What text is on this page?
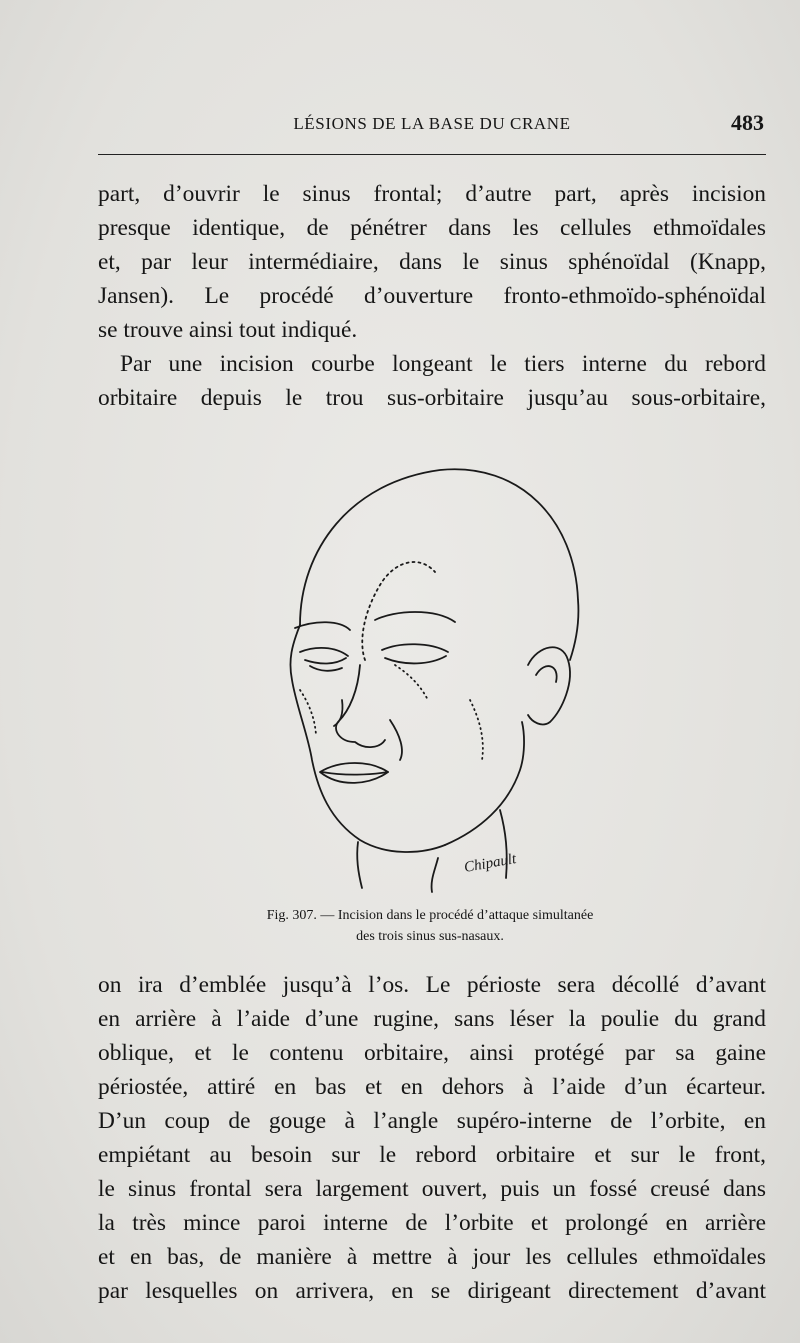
LÉSIONS DE LA BASE DU CRANE	483
part, d’ouvrir le sinus frontal; d’autre part, après incision
presque identique, de pénétrer dans les cellules ethmoïdales
et, par leur intermédiaire, dans le sinus sphénoïdal (Knapp,
Jansen). Le procédé d’ouverture fronto-ethmoïdo-sphénoïdal
se trouve ainsi tout indiqué.
Par une incision courbe longeant le tiers interne du rebord
orbitaire depuis le trou sus-orbitaire jusqu’au sous-orbitaire,
Chipault
Fig. 307. — Incision dans le procédé d’attaque simultanée
des trois sinus sus-nasaux.
on ira d’emblée jusqu’à l’os. Le périoste sera décollé d’avant
en arrière à l’aide d’une rugine, sans léser la poulie du grand
oblique, et le contenu orbitaire, ainsi protégé par sa gaine
périostée, attiré en bas et en dehors à l’aide d’un écarteur.
D’un coup de gouge à l’angle supéro-interne de l’orbite, en
empiétant au besoin sur le rebord orbitaire et sur le front,
le sinus frontal sera largement ouvert, puis un fossé creusé dans
la très mince paroi interne de l’orbite et prolongé en arrière
et en bas, de manière à mettre à jour les cellules ethmoïdales
par lesquelles on arrivera, en se dirigeant directement d’avant
